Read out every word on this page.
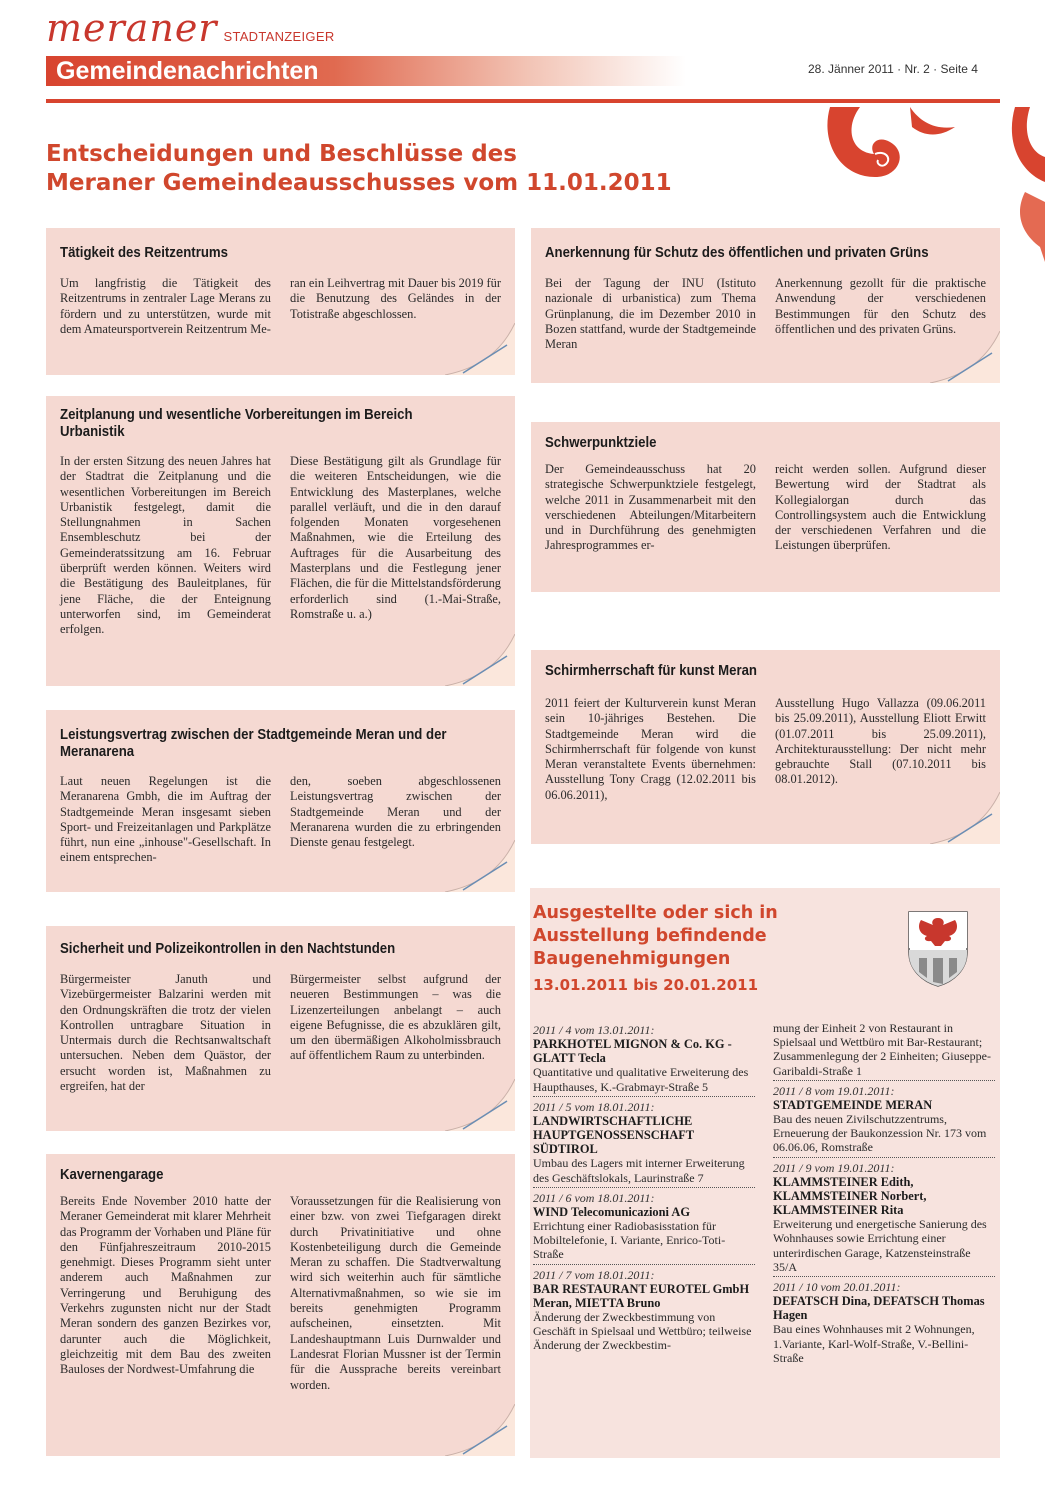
meraner STADTANZEIGER
Gemeindenachrichten	28. Jänner 2011 · Nr. 2 · Seite 4
Entscheidungen und Beschlüsse des
Meraner Gemeindeausschusses vom 11.01.2011
Tätigkeit des Reitzentrums
Um langfristig die Tätigkeit des Reitzentrums in zentraler Lage Merans zu fördern und zu unterstützen, wurde mit dem Amateursportverein Reitzentrum Me-
ran ein Leihvertrag mit Dauer bis 2019 für die Benutzung des Geländes in der Totistraße abgeschlossen.
Zeitplanung und wesentliche Vorbereitungen im Bereich Urbanistik
In der ersten Sitzung des neuen Jahres hat der Stadtrat die Zeitplanung und die wesentlichen Vorbereitungen im Bereich Urbanistik festgelegt, damit die Stellungnahmen in Sachen Ensembleschutz bei der Gemeinderatssitzung am 16. Februar überprüft werden können. Weiters wird die Bestätigung des Bauleitplanes, für jene Fläche, die der Enteignung unterworfen sind, im Gemeinderat erfolgen.
Diese Bestätigung gilt als Grundlage für die weiteren Entscheidungen, wie die Entwicklung des Masterplanes, welche parallel verläuft, und die in den darauf folgenden Monaten vorgesehenen Maßnahmen, wie die Erteilung des Auftrages für die Ausarbeitung des Masterplans und die Festlegung jener Flächen, die für die Mittelstandsförderung erforderlich sind (1.-Mai-Straße, Romstraße u. a.)
Leistungsvertrag zwischen der Stadtgemeinde Meran und der Meranarena
Laut neuen Regelungen ist die Meranarena Gmbh, die im Auftrag der Stadtgemeinde Meran insgesamt sieben Sport- und Freizeitanlagen und Parkplätze führt, nun eine „inhouse"-Gesellschaft. In einem entsprechen-
den, soeben abgeschlossenen Leistungsvertrag zwischen der Stadtgemeinde Meran und der Meranarena wurden die zu erbringenden Dienste genau festgelegt.
Sicherheit und Polizeikontrollen in den Nachtstunden
Bürgermeister Januth und Vizebürgermeister Balzarini werden mit den Ordnungskräften die trotz der vielen Kontrollen untragbare Situation in Untermais durch die Rechtsanwaltschaft untersuchen. Neben dem Quästor, der ersucht worden ist, Maßnahmen zu ergreifen, hat der
Bürgermeister selbst aufgrund der neueren Bestimmungen – was die Lizenzerteilungen anbelangt – auch eigene Befugnisse, die es abzuklären gilt, um den übermäßigen Alkoholmissbrauch auf öffentlichem Raum zu unterbinden.
Kavernengarage
Bereits Ende November 2010 hatte der Meraner Gemeinderat mit klarer Mehrheit das Programm der Vorhaben und Pläne für den Fünfjahreszeitraum 2010-2015 genehmigt. Dieses Programm sieht unter anderem auch Maßnahmen zur Verringerung und Beruhigung des Verkehrs zugunsten nicht nur der Stadt Meran sondern des ganzen Bezirkes vor, darunter auch die Möglichkeit, gleichzeitig mit dem Bau des zweiten Bauloses der Nordwest-Umfahrung die
Voraussetzungen für die Realisierung von einer bzw. von zwei Tiefgaragen direkt durch Privatinitiative und ohne Kostenbeteiligung durch die Gemeinde Meran zu schaffen. Die Stadtverwaltung wird sich weiterhin auch für sämtliche Alternativmaßnahmen, so wie sie im bereits genehmigten Programm aufscheinen, einsetzten. Mit Landeshauptmann Luis Durnwalder und Landesrat Florian Mussner ist der Termin für die Aussprache bereits vereinbart worden.
Anerkennung für Schutz des öffentlichen und privaten Grüns
Bei der Tagung der INU (Istituto nazionale di urbanistica) zum Thema Grünplanung, die im Dezember 2010 in Bozen stattfand, wurde der Stadtgemeinde Meran
Anerkennung gezollt für die praktische Anwendung der verschiedenen Bestimmungen für den Schutz des öffentlichen und des privaten Grüns.
Schwerpunktziele
Der Gemeindeausschuss hat 20 strategische Schwerpunktziele festgelegt, welche 2011 in Zusammenarbeit mit den verschiedenen Abteilungen/Mitarbeitern und in Durchführung des genehmigten Jahresprogrammes er-
reicht werden sollen. Aufgrund dieser Bewertung wird der Stadtrat als Kollegialorgan durch das Controllingsystem auch die Entwicklung der verschiedenen Verfahren und die Leistungen überprüfen.
Schirmherrschaft für kunst Meran
2011 feiert der Kulturverein kunst Meran sein 10-jähriges Bestehen. Die Stadtgemeinde Meran wird die Schirmherrschaft für folgende von kunst Meran veranstaltete Events übernehmen: Ausstellung Tony Cragg (12.02.2011 bis 06.06.2011),
Ausstellung Hugo Vallazza (09.06.2011 bis 25.09.2011), Ausstellung Eliott Erwitt (01.07.2011 bis 25.09.2011), Architekturausstellung: Der nicht mehr gebrauchte Stall (07.10.2011 bis 08.01.2012).
Ausgestellte oder sich in
Ausstellung befindende
Baugenehmigungen
13.01.2011 bis 20.01.2011
2011 / 4 vom 13.01.2011:
PARKHOTEL MIGNON & Co. KG - GLATT Tecla
Quantitative und qualitative Erweiterung des Haupthauses, K.-Grabmayr-Straße 5
2011 / 5 vom 18.01.2011:
LANDWIRTSCHAFTLICHE HAUPTGENOSSENSCHAFT SÜDTIROL
Umbau des Lagers mit interner Erweiterung des Geschäftslokals, Laurinstraße 7
2011 / 6 vom 18.01.2011:
WIND Telecomunicazioni AG
Errichtung einer Radiobasisstation für Mobiltelefonie, I. Variante, Enrico-Toti-Straße
2011 / 7 vom 18.01.2011:
BAR RESTAURANT EUROTEL GmbH Meran, MIETTA Bruno
Änderung der Zweckbestimmung von Geschäft in Spielsaal und Wettbüro; teilweise Änderung der Zweckbestim-
mung der Einheit 2 von Restaurant in Spielsaal und Wettbüro mit Bar-Restaurant; Zusammenlegung der 2 Einheiten; Giuseppe-Garibaldi-Straße 1
2011 / 8 vom 19.01.2011:
STADTGEMEINDE MERAN
Bau des neuen Zivilschutzzentrums, Erneuerung der Baukonzession Nr. 173 vom 06.06.06, Romstraße
2011 / 9 vom 19.01.2011:
KLAMMSTEINER Edith, KLAMMSTEINER Norbert, KLAMMSTEINER Rita
Erweiterung und energetische Sanierung des Wohnhauses sowie Errichtung einer unterirdischen Garage, Katzensteinstraße 35/A
2011 / 10 vom 20.01.2011:
DEFATSCH Dina, DEFATSCH Thomas Hagen
Bau eines Wohnhauses mit 2 Wohnungen, 1.Variante, Karl-Wolf-Straße, V.-Bellini-Straße
